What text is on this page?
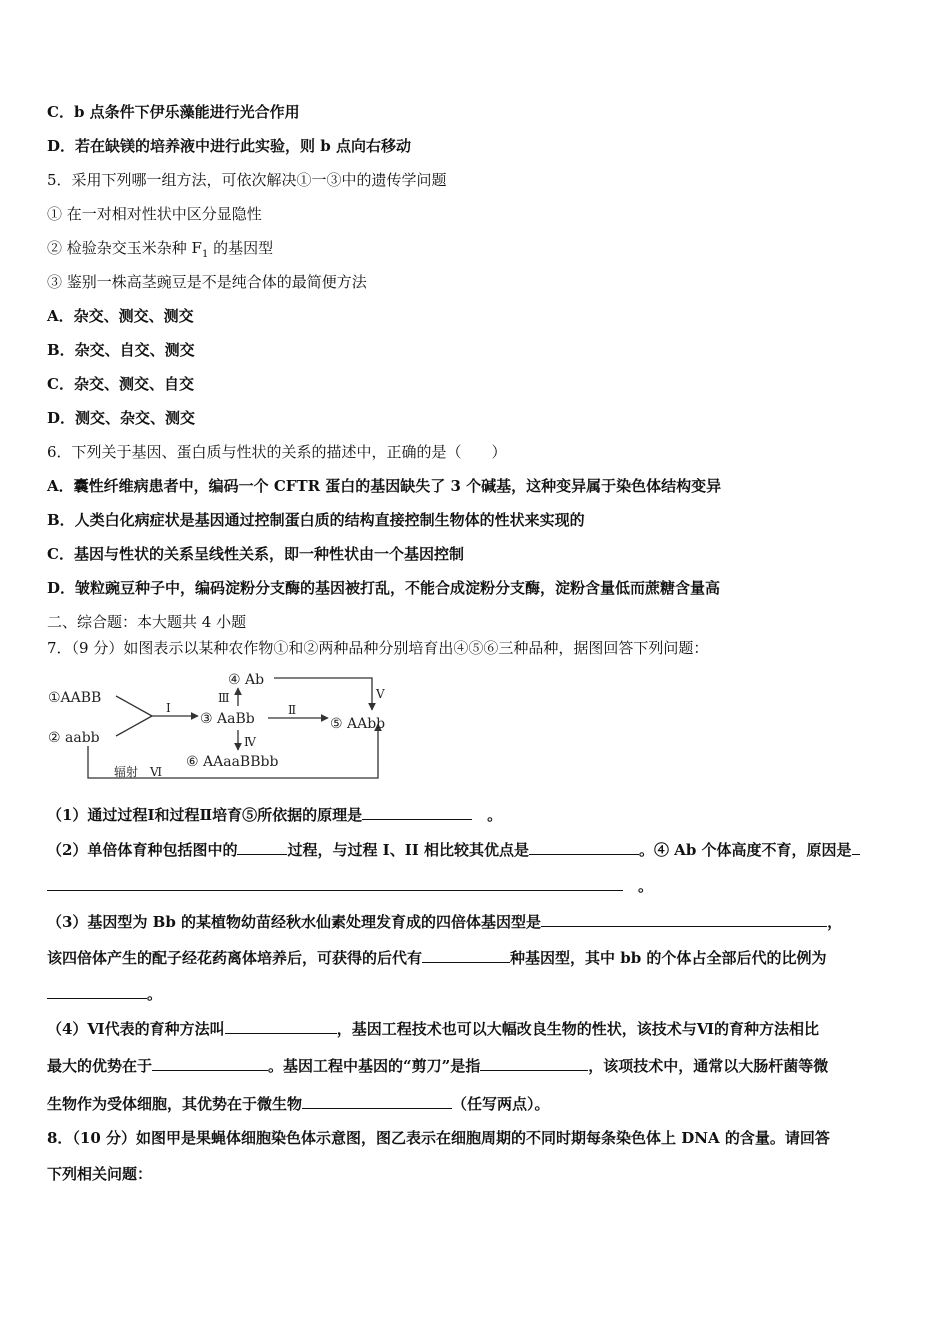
C．b 点条件下伊乐藻能进行光合作用
D．若在缺镁的培养液中进行此实验，则 b 点向右移动
5．采用下列哪一组方法，可依次解决①一③中的遗传学问题
① 在一对相对性状中区分显隐性
② 检验杂交玉米杂种 $F_1$ 的基因型
③ 鉴别一株高茎豌豆是不是纯合体的最简便方法
A．杂交、测交、测交
B．杂交、自交、测交
C．杂交、测交、自交
D．测交、杂交、测交
6．下列关于基因、蛋白质与性状的关系的描述中，正确的是（　　）
A．囊性纤维病患者中，编码一个 CFTR 蛋白的基因缺失了 3 个碱基，这种变异属于染色体结构变异
B．人类白化病症状是基因通过控制蛋白质的结构直接控制生物体的性状来实现的
C．基因与性状的关系呈线性关系，即一种性状由一个基因控制
D．皱粒豌豆种子中，编码淀粉分支酶的基因被打乱，不能合成淀粉分支酶，淀粉含量低而蔗糖含量高
二、综合题：本大题共 4 小题
7．（9 分）如图表示以某种农作物①和②两种品种分别培育出④⑤⑥三种品种，据图回答下列问题：
①AABB
② aabb
③ AaBb
④ Ab
⑤ AAbb
⑥ AAaaBBbb
Ⅰ	Ⅱ
Ⅲ
Ⅳ
Ⅴ
辐射　Ⅵ
（1）通过过程Ⅰ和过程Ⅱ培育⑤所依据的原理是　	。
（2）单倍体育种包括图中的	过程，与过程 I、II 相比较其优点是	。④ Ab 个体高度不育，原因是
　。
（3）基因型为 Bb 的某植物幼苗经秋水仙素处理发育成的四倍体基因型是	，
该四倍体产生的配子经花药离体培养后，可获得的后代有	种基因型，其中 bb 的个体占全部后代的比例为
。
（4）Ⅵ代表的育种方法叫	，基因工程技术也可以大幅改良生物的性状，该技术与Ⅵ的育种方法相比
最大的优势在于	。基因工程中基因的“剪刀”是指	，该项技术中，通常以大肠杆菌等微
生物作为受体细胞，其优势在于微生物	（任写两点）。
8．（10 分）如图甲是果蝇体细胞染色体示意图，图乙表示在细胞周期的不同时期每条染色体上 DNA 的含量。请回答
下列相关问题：
